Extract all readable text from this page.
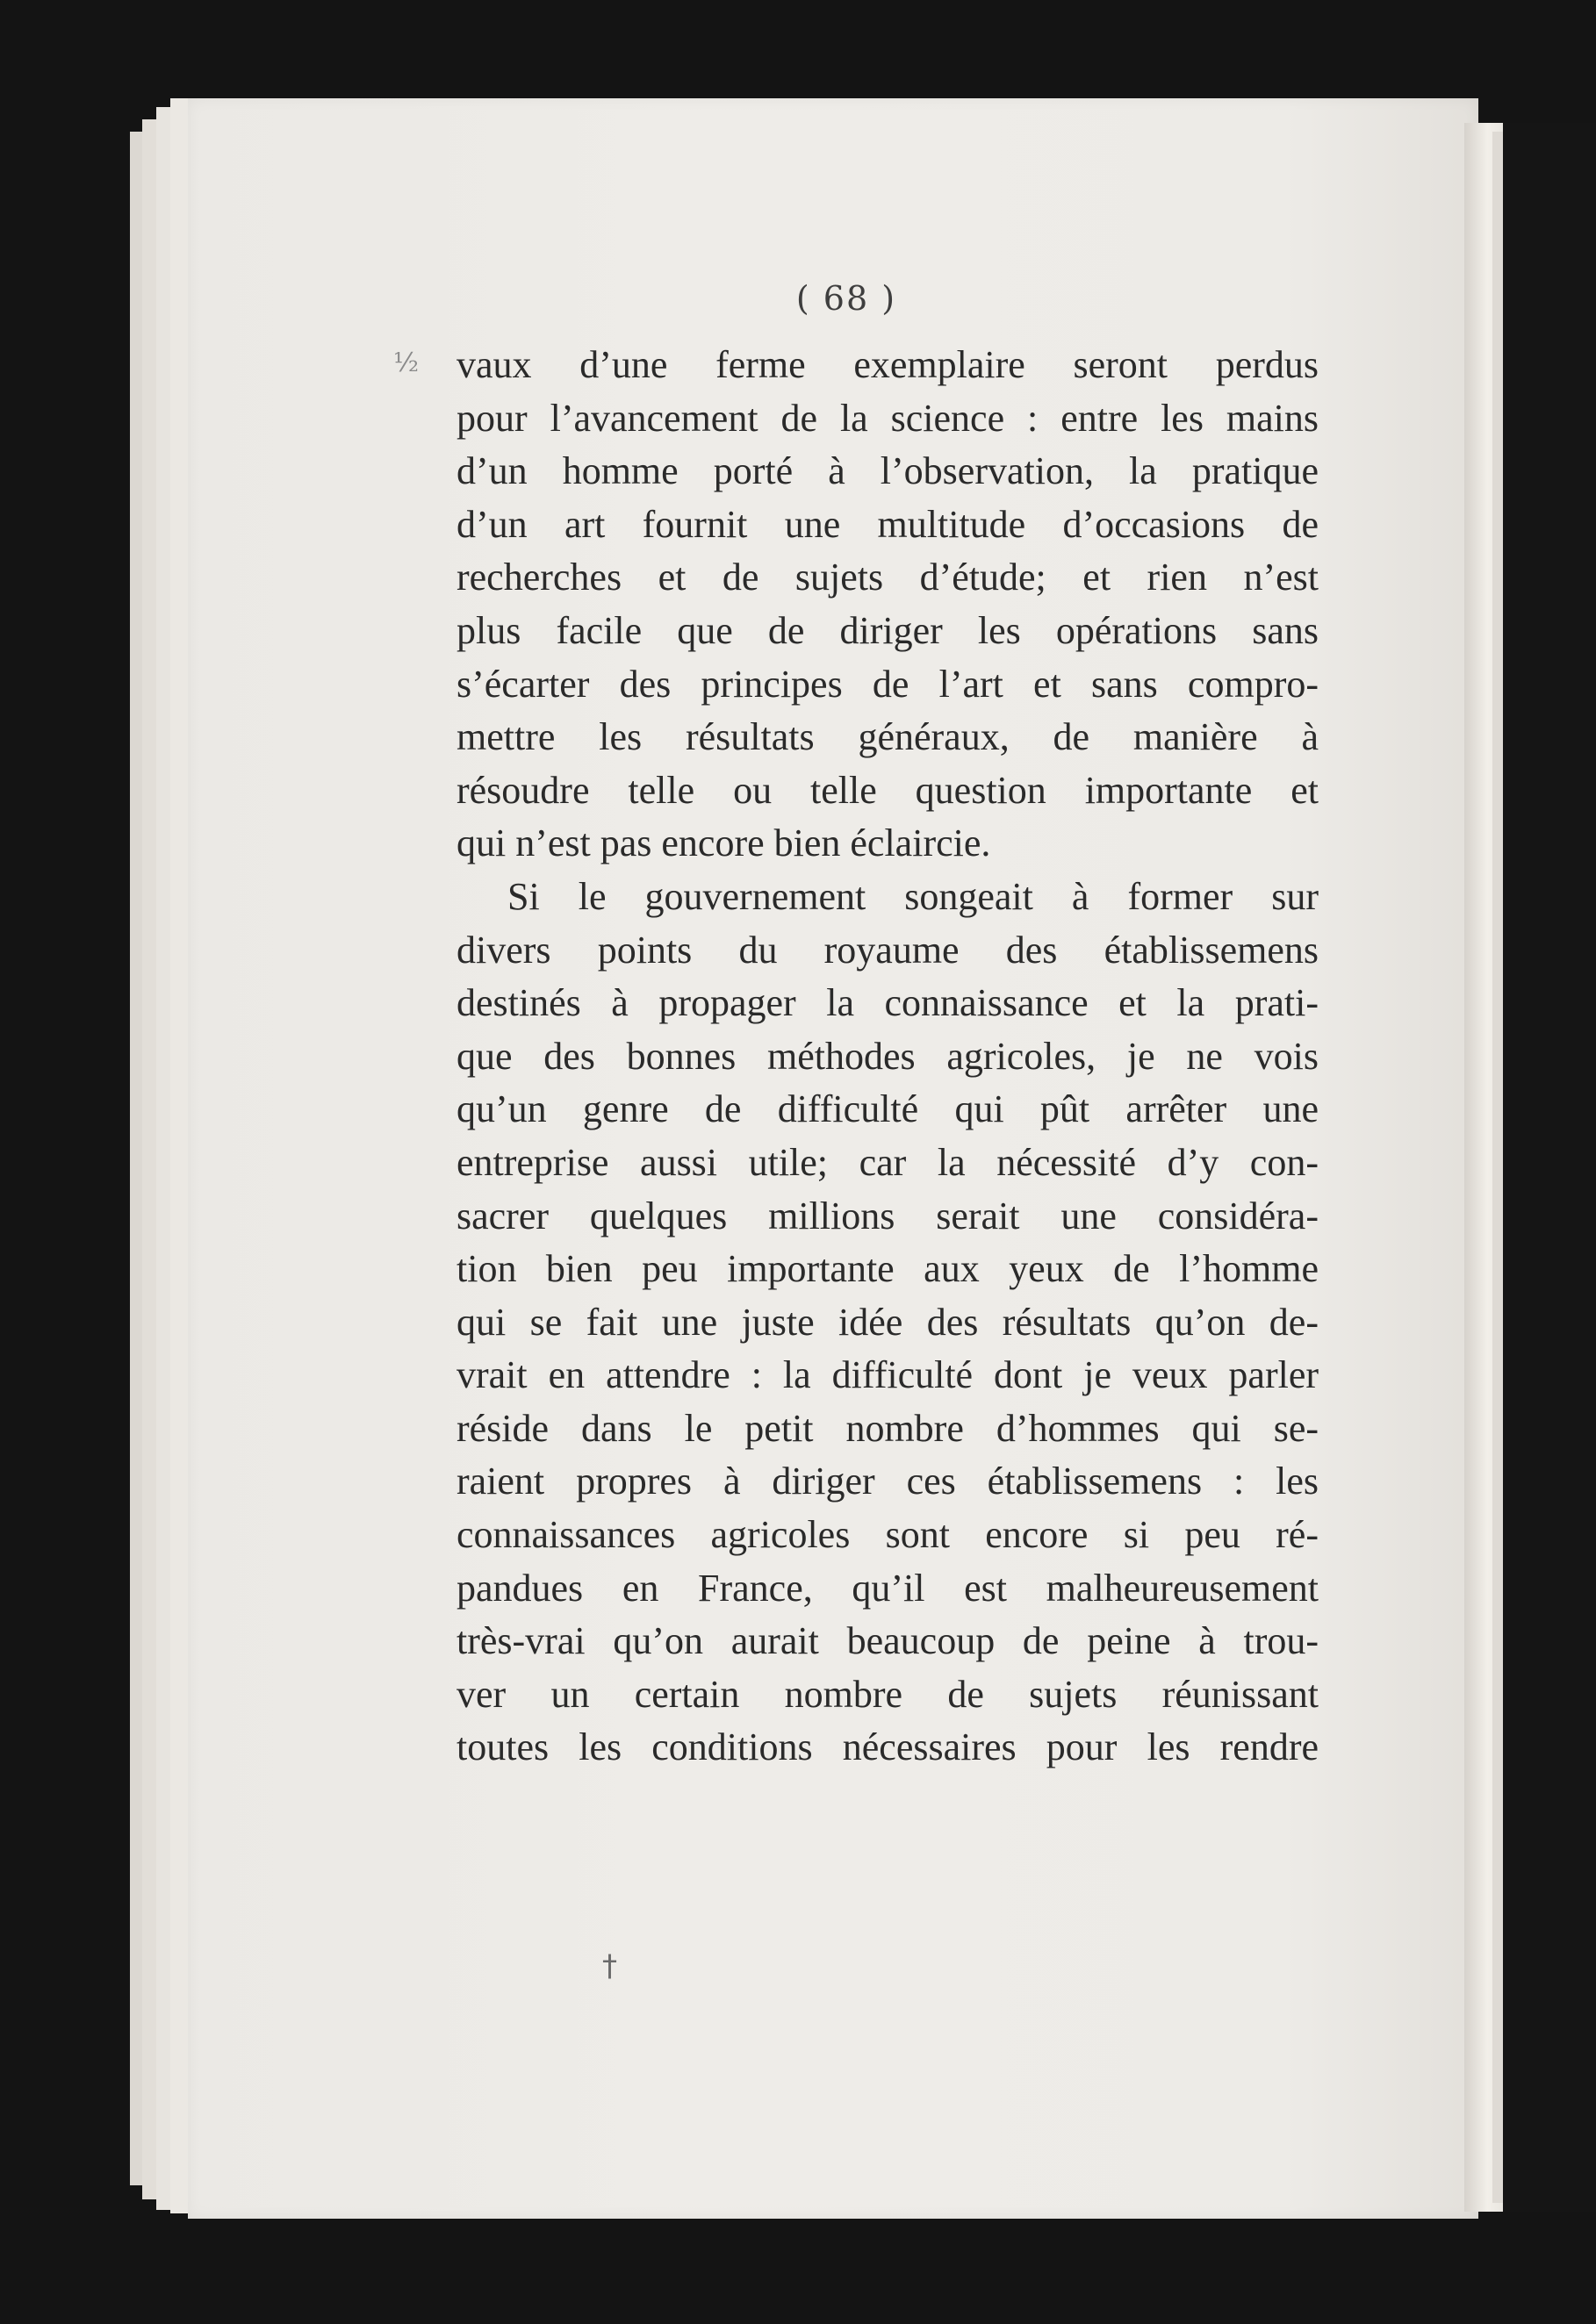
( 68 )
½ vaux d’une ferme exemplaire seront perdus
pour l’avancement de la science : entre les mains
d’un homme porté à l’observation, la pratique
d’un art fournit une multitude d’occasions de
recherches et de sujets d’étude; et rien n’est
plus facile que de diriger les opérations sans
s’écarter des principes de l’art et sans compro-
mettre les résultats généraux, de manière à
résoudre telle ou telle question importante et
qui n’est pas encore bien éclaircie.
Si le gouvernement songeait à former sur
divers points du royaume des établissemens
destinés à propager la connaissance et la prati-
que des bonnes méthodes agricoles, je ne vois
qu’un genre de difficulté qui pût arrêter une
entreprise aussi utile; car la nécessité d’y con-
sacrer quelques millions serait une considéra-
tion bien peu importante aux yeux de l’homme
qui se fait une juste idée des résultats qu’on de-
vrait en attendre : la difficulté dont je veux parler
réside dans le petit nombre d’hommes qui se-
raient propres à diriger ces établissemens : les
connaissances agricoles sont encore si peu ré-
pandues en France, qu’il est malheureusement
très-vrai qu’on aurait beaucoup de peine à trou-
ver un certain nombre de sujets réunissant
toutes les conditions nécessaires pour les rendre
†
